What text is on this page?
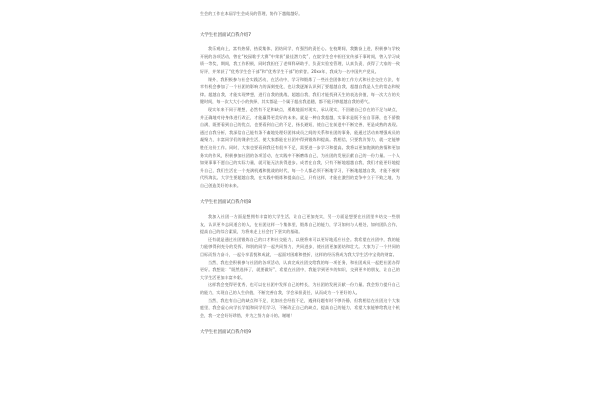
生会的工作在本届学生会成员的管理，协作下越做越好。

大学生社团面试自我介绍7

我乐观向上，富有热情，热爱集体，团结同学，有强烈的责任心。在校期间，我勤奋上进，积极参与学校开展的各项活动，曾在“校园歌手大赛”中荣获“最佳潜力奖”，在院学生会中担任宣传部干事时间，曾入学习成绩一等奖，期间，我工作积极，同时我担任了老师科研助手，负责实验室管理，认真负责，获得了大家的一致好评，并荣获了“优秀学生会干部”和“优秀学生干部”的荣誉。20xx年，我成为一名中国共产党员。

课外，我积极参与社会实践活动，在活动中，学习和锻炼了一些社会团体的工作方式和社会交往方法，有幸有机会参加了一个社团的影响力的深刻变化，也让我逐渐认识到了要超越自我，超越自我是人生的常态和规律。超越自我，才能实现梦想，进行自我的挑战，超越自我，我们才能找到天生的表达价值，每一次大方的关键时间，每一次大大小小的抉择，其实都是一个属于超出我追随，都不能只够超越自我的勇气。

现实年来不同于理想，必然有不足和缺点，勇敢地面对现实，承认现实，不回避自己存在的不足与缺点，并正确地对待身体进行改正，才能赢得更美好的未来。就是一种自我超越，实事求是既不妄自菲薄，也不骄傲自满，既要看到自己的优点，也要看到自己的不足，扬长避短，使自己在前进中不断完善，更是成熟的表现。通过自我分析，我深信自己能有条不紊地处理好团体成员之间的关系和社团的事务，能通过活动来增强成员的凝聚力，丰富同学们的课余生活，使大家都能在社团中得到锻炼和提高。我相信，只要我肯努力，就一定能够胜任这份工作。同时，大家也要看到我还有很多不足，需要进一步学习和提高。我将以更加饱满的热情和更加务实的作风，积极参加社团的各项活动，在实践中不断磨练自己，为社团的发展贡献自己的一份力量。一个人如果事事不愿自己的实际力量，就可能无法获得进步。成者在自我，只有不断地超越自我，我们才能更好地提升自己，我们生活在一个充满机遇和挑战的时代，每一个人都必须不断地学习，不断地超越自我，才能不被时代所淘汰。大学生要超越自我，在实践中锻炼和提高自己，只有这样，才能在激烈的竞争中立于不败之地，为自己创造美好的未来。

大学生社团面试自我介绍8

我加入社团一方面是想拥有丰富的大学生活，让自己更加充实，另一方面是想要在社团里多结交一些朋友，认识更多志同道合的人，在社团这样一个集体里，锻炼自己的能力，学习如何与人相处，如何团队合作，提高自己的综合素质，为将来走上社会打下坚实的基础。

还有就是通过社团锻炼自己的口才和社交能力，以便将来可以更好地适应社会。我希望在社团中，我的能力能够得到充分的发挥，和别的同学一起共同努力，共同进步，使社团更加团结和壮大。大家为了一个共同的目标而努力奋斗，一起分享喜悦和成就，一起面对困难和挫折，这样的经历将成为我大学生活中宝贵的财富。

当然，我也会积极参与社团的各项活动，认真完成社团交给我的每一项任务，和社团成员一起把社团办得更好。我想说：“既然选择了，就要做好”，希望在社团中，我能学到更多的知识，交到更多的朋友，让自己的大学生活更加丰富多彩。

这样我会变得更优秀，也可以在社团中发挥自己的特长，为社团的发展贡献一份力量。我会努力提升自己的能力，实现自己的人生价值，不断完善自我，学会承担责任，从而成为一个更好的人。

当然，我也有自己的缺点和不足，比如社会经验不足，遇到问题有时不够冷静，但我相信在社团这个大家庭里，我会虚心向学长学姐和同学们学习，不断改正自己的缺点，提高自己的能力，希望大家能够给我这个机会，我一定会好好珍惜，并为之努力奋斗的。谢谢！

大学生社团面试自我介绍9
